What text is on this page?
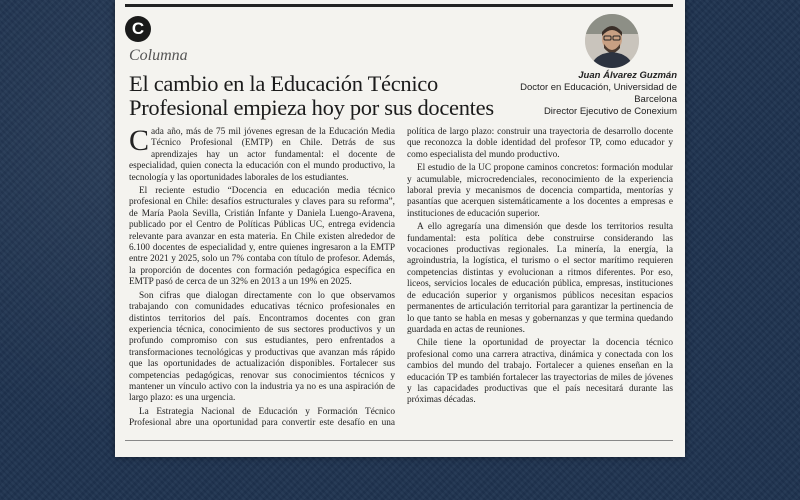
C
Columna
El cambio en la Educación Técnico Profesional empieza hoy por sus docentes
Juan Álvarez Guzmán
Doctor en Educación, Universidad de Barcelona
Director Ejecutivo de Conexium

Cada año, más de 75 mil jóvenes egresan de la Educación Media Técnico Profesional (EMTP) en Chile. Detrás de sus aprendizajes hay un actor fundamental: el docente de especialidad, quien conecta la educación con el mundo productivo, la tecnología y las oportunidades laborales de los estudiantes.

El reciente estudio “Docencia en educación media técnico profesional en Chile: desafíos estructurales y claves para su reforma”, de María Paola Sevilla, Cristián Infante y Daniela Luengo-Aravena, publicado por el Centro de Políticas Públicas UC, entrega evidencia relevante para avanzar en esta materia. En Chile existen alrededor de 6.100 docentes de especialidad y, entre quienes ingresaron a la EMTP entre 2021 y 2025, solo un 7% contaba con título de profesor. Además, la proporción de docentes con formación pedagógica específica en EMTP pasó de cerca de un 32% en 2013 a un 19% en 2025.

Son cifras que dialogan directamente con lo que observamos trabajando con comunidades educativas técnico profesionales en distintos territorios del país. Encontramos docentes con gran experiencia técnica, conocimiento de sus sectores productivos y un profundo compromiso con sus estudiantes, pero enfrentados a transformaciones tecnológicas y productivas que avanzan más rápido que las oportunidades de actualización disponibles. Fortalecer sus competencias pedagógicas, renovar sus conocimientos técnicos y mantener un vínculo activo con la industria ya no es una aspiración de largo plazo: es una urgencia.

La Estrategia Nacional de Educación y Formación Técnico Profesional abre una oportunidad para convertir este desafío en una política de largo plazo: construir una trayectoria de desarrollo docente que reconozca la doble identidad del profesor TP, como educador y como especialista del mundo productivo.

El estudio de la UC propone caminos concretos: formación modular y acumulable, microcredenciales, reconocimiento de la experiencia laboral previa y mecanismos de docencia compartida, mentorías y pasantías que acerquen sistemáticamente a los docentes a empresas e instituciones de educación superior.

A ello agregaría una dimensión que desde los territorios resulta fundamental: esta política debe construirse considerando las vocaciones productivas regionales. La minería, la energía, la agroindustria, la logística, el turismo o el sector marítimo requieren competencias distintas y evolucionan a ritmos diferentes. Por eso, liceos, servicios locales de educación pública, empresas, instituciones de educación superior y organismos públicos necesitan espacios permanentes de articulación territorial para garantizar la pertinencia de lo que tanto se habla en mesas y gobernanzas y que termina quedando guardada en actas de reuniones.

Chile tiene la oportunidad de proyectar la docencia técnico profesional como una carrera atractiva, dinámica y conectada con los cambios del mundo del trabajo. Fortalecer a quienes enseñan en la educación TP es también fortalecer las trayectorias de miles de jóvenes y las capacidades productivas que el país necesitará durante las próximas décadas.
